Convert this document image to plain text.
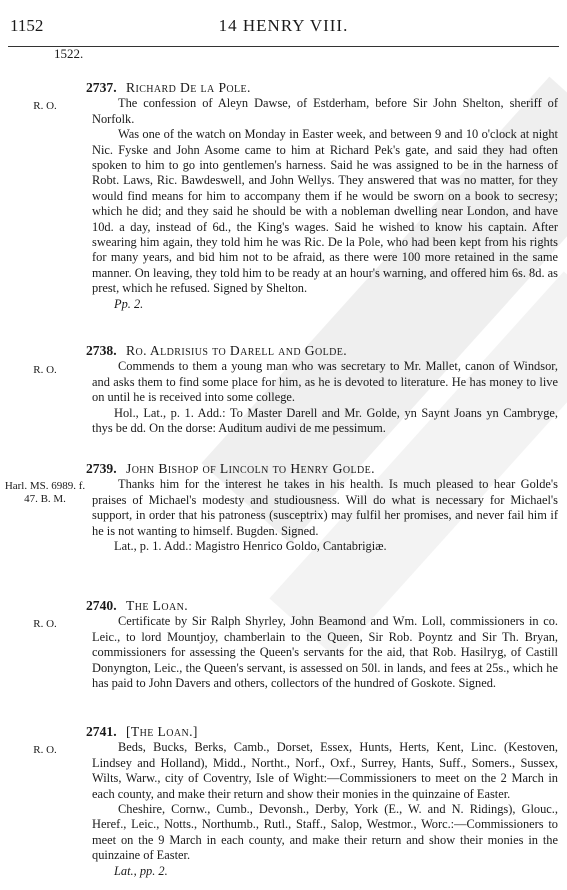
1152	14 HENRY VIII.
1522.
R. O.
2737. Richard De la Pole.

The confession of Aleyn Dawse, of Estderham, before Sir John Shelton, sheriff of Norfolk.

Was one of the watch on Monday in Easter week, and between 9 and 10 o'clock at night Nic. Fyske and John Asome came to him at Richard Pek's gate, and said they had often spoken to him to go into gentlemen's harness. Said he was assigned to be in the harness of Robt. Laws, Ric. Bawdeswell, and John Wellys. They answered that was no matter, for they would find means for him to accompany them if he would be sworn on a book to secresy; which he did; and they said he should be with a nobleman dwelling near London, and have 10d. a day, instead of 6d., the King's wages. Said he wished to know his captain. After swearing him again, they told him he was Ric. De la Pole, who had been kept from his rights for many years, and bid him not to be afraid, as there were 100 more retained in the same manner. On leaving, they told him to be ready at an hour's warning, and offered him 6s. 8d. as prest, which he refused. Signed by Shelton.

Pp. 2.

R. O.
2738. Ro. Aldrisius to Darell and Golde.

Commends to them a young man who was secretary to Mr. Mallet, canon of Windsor, and asks them to find some place for him, as he is devoted to literature. He has money to live on until he is received into some college.

Hol., Lat., p. 1. Add.: To Master Darell and Mr. Golde, yn Saynt Joans yn Cambryge, thys be dd. On the dorse: Auditum audivi de me pessimum.

Harl. MS. 6989. f. 47. B. M.
2739. John Bishop of Lincoln to Henry Golde.

Thanks him for the interest he takes in his health. Is much pleased to hear Golde's praises of Michael's modesty and studiousness. Will do what is necessary for Michael's support, in order that his patroness (susceptrix) may fulfil her promises, and never fail him if he is not wanting to himself. Bugden. Signed.

Lat., p. 1. Add.: Magistro Henrico Goldo, Cantabrigiæ.

R. O.
2740. The Loan.

Certificate by Sir Ralph Shyrley, John Beamond and Wm. Loll, commissioners in co. Leic., to lord Mountjoy, chamberlain to the Queen, Sir Rob. Poyntz and Sir Th. Bryan, commissioners for assessing the Queen's servants for the aid, that Rob. Hasilryg, of Castill Donyngton, Leic., the Queen's servant, is assessed on 50l. in lands, and fees at 25s., which he has paid to John Davers and others, collectors of the hundred of Goskote. Signed.

R. O.
2741. [The Loan.]

Beds, Bucks, Berks, Camb., Dorset, Essex, Hunts, Herts, Kent, Linc. (Kestoven, Lindsey and Holland), Midd., Northt., Norf., Oxf., Surrey, Hants, Suff., Somers., Sussex, Wilts, Warw., city of Coventry, Isle of Wight:—Commissioners to meet on the 2 March in each county, and make their return and show their monies in the quinzaine of Easter.

Cheshire, Cornw., Cumb., Devonsh., Derby, York (E., W. and N. Ridings), Glouc., Heref., Leic., Notts., Northumb., Rutl., Staff., Salop, Westmor., Worc.:—Commissioners to meet on the 9 March in each county, and make their return and show their monies in the quinzaine of Easter.

Lat., pp. 2.
